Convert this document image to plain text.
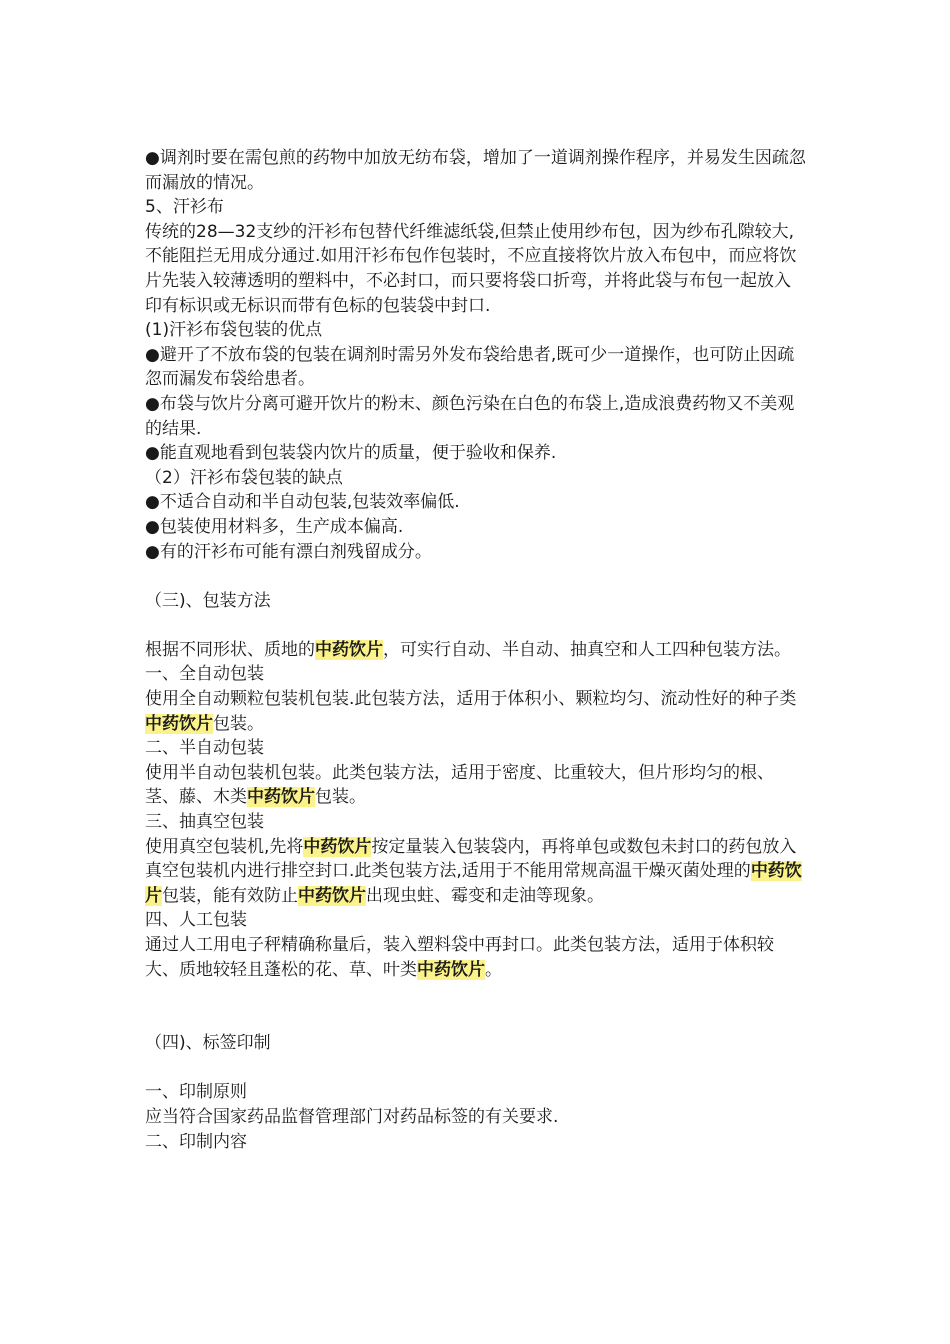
●调剂时要在需包煎的药物中加放无纺布袋，增加了一道调剂操作程序，并易发生因疏忽而漏放的情况。

5、汗衫布

传统的28—32支纱的汗衫布包替代纤维滤纸袋,但禁止使用纱布包，因为纱布孔隙较大,不能阻拦无用成分通过.如用汗衫布包作包装时，不应直接将饮片放入布包中，而应将饮片先装入较薄透明的塑料中，不必封口，而只要将袋口折弯，并将此袋与布包一起放入印有标识或无标识而带有色标的包装袋中封口.

(1)汗衫布袋包装的优点

●避开了不放布袋的包装在调剂时需另外发布袋给患者,既可少一道操作，也可防止因疏忽而漏发布袋给患者。

●布袋与饮片分离可避开饮片的粉末、颜色污染在白色的布袋上,造成浪费药物又不美观的结果.

●能直观地看到包装袋内饮片的质量，便于验收和保养.

（2）汗衫布袋包装的缺点

●不适合自动和半自动包装,包装效率偏低.

●包装使用材料多，生产成本偏高.

●有的汗衫布可能有漂白剂残留成分。

（三)、包装方法

根据不同形状、质地的中药饮片，可实行自动、半自动、抽真空和人工四种包装方法。

一、全自动包装

使用全自动颗粒包装机包装.此包装方法，适用于体积小、颗粒均匀、流动性好的种子类中药饮片包装。

二、半自动包装

使用半自动包装机包装。此类包装方法，适用于密度、比重较大，但片形均匀的根、茎、藤、木类中药饮片包装。

三、抽真空包装

使用真空包装机,先将中药饮片按定量装入包装袋内，再将单包或数包未封口的药包放入真空包装机内进行排空封口.此类包装方法,适用于不能用常规高温干燥灭菌处理的中药饮片包装，能有效防止中药饮片出现虫蛀、霉变和走油等现象。

四、人工包装

通过人工用电子秤精确称量后，装入塑料袋中再封口。此类包装方法，适用于体积较大、质地较轻且蓬松的花、草、叶类中药饮片。

（四)、标签印制

一、印制原则

应当符合国家药品监督管理部门对药品标签的有关要求.

二、印制内容
